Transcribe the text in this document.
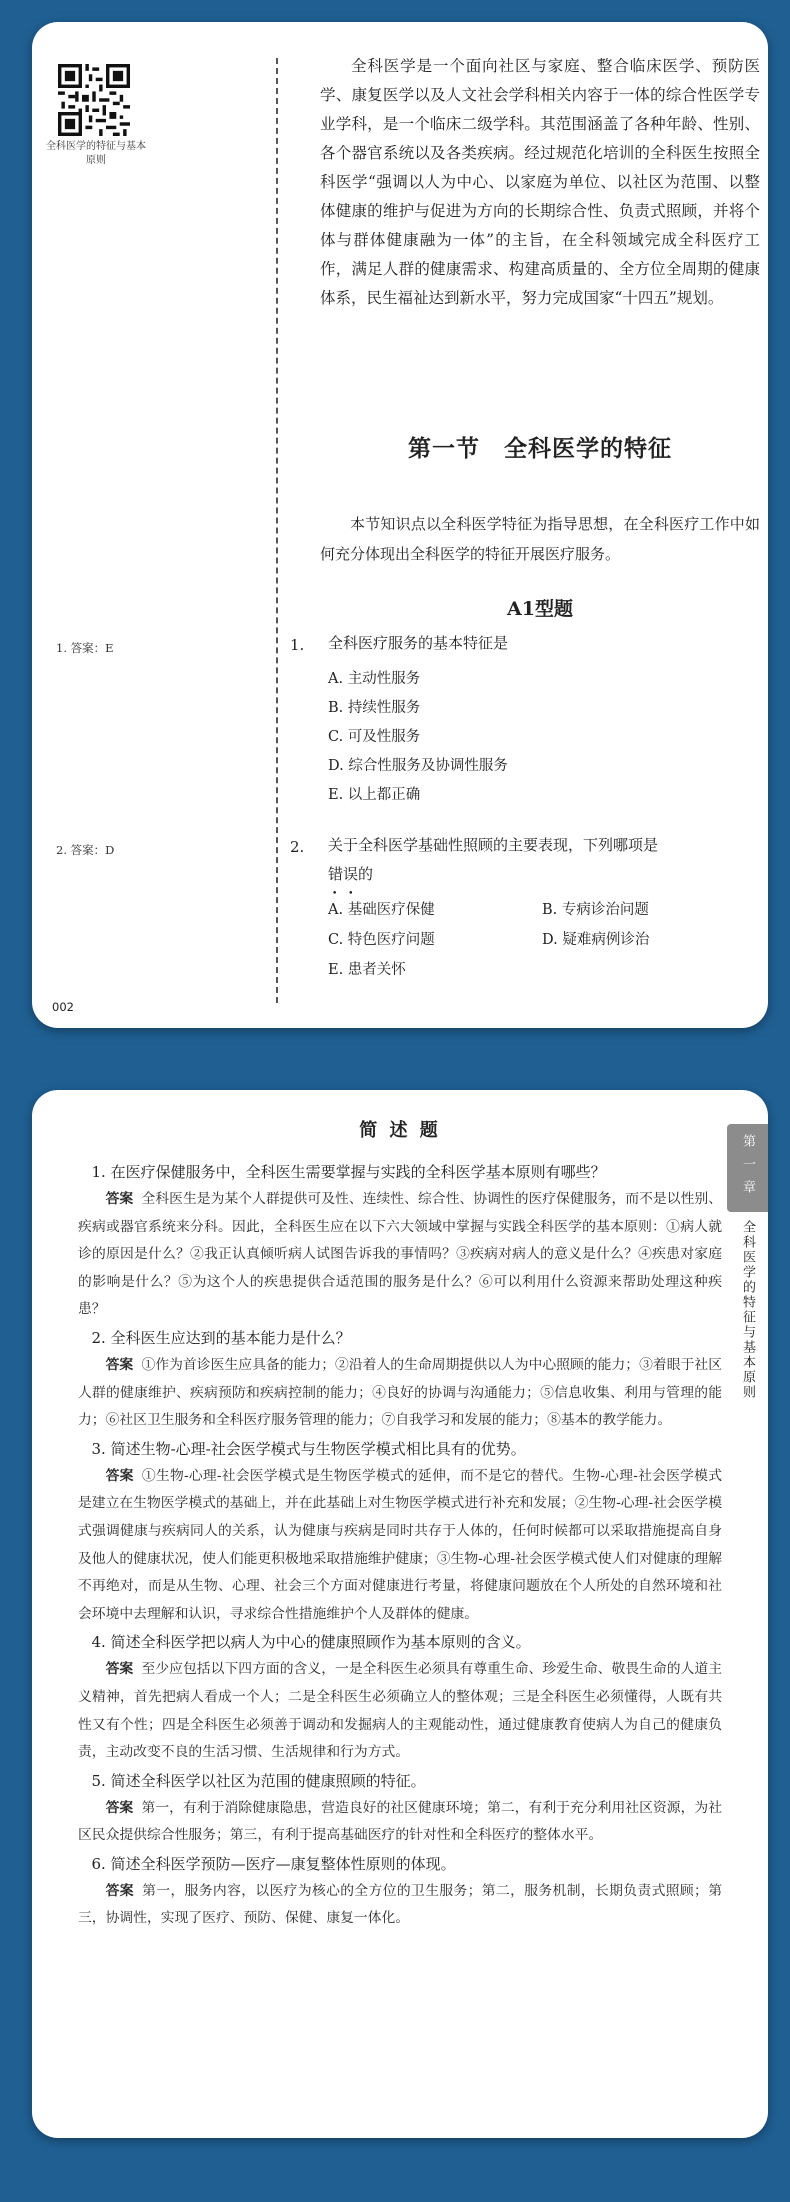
全科医学的特征与基本原则

全科医学是一个面向社区与家庭、整合临床医学、预防医学、康复医学以及人文社会学科相关内容于一体的综合性医学专业学科，是一个临床二级学科。其范围涵盖了各种年龄、性别、各个器官系统以及各类疾病。经过规范化培训的全科医生按照全科医学“强调以人为中心、以家庭为单位、以社区为范围、以整体健康的维护与促进为方向的长期综合性、负责式照顾，并将个体与群体健康融为一体”的主旨，在全科领域完成全科医疗工作，满足人群的健康需求、构建高质量的、全方位全周期的健康体系，民生福祉达到新水平，努力完成国家“十四五”规划。

第一节　全科医学的特征

本节知识点以全科医学特征为指导思想，在全科医疗工作中如何充分体现出全科医学的特征开展医疗服务。

A1型题
1. 答案：E	1. 全科医疗服务的基本特征是

A. 主动性服务
B. 持续性服务
C. 可及性服务
D. 综合性服务及协调性服务
E. 以上都正确
2. 答案：D	2. 关于全科医学基础性照顾的主要表现，下列哪项是
错误 • •的

A. 基础医疗保健	B. 专病诊治问题
C. 特色医疗问题	D. 疑难病例诊治
E. 患者关怀
002
简 述 题
第一章
全科医学的特征与基本原则

1. 在医疗保健服务中，全科医生需要掌握与实践的全科医学基本原则有哪些？

答案 全科医生是为某个人群提供可及性、连续性、综合性、协调性的医疗保健服务，而不是以性别、疾病或器官系统来分科。因此，全科医生应在以下六大领域中掌握与实践全科医学的基本原则：①病人就诊的原因是什么？②我正认真倾听病人试图告诉我的事情吗？③疾病对病人的意义是什么？④疾患对家庭的影响是什么？⑤为这个人的疾患提供合适范围的服务是什么？⑥可以利用什么资源来帮助处理这种疾患？

2. 全科医生应达到的基本能力是什么？

答案 ①作为首诊医生应具备的能力；②沿着人的生命周期提供以人为中心照顾的能力；③着眼于社区人群的健康维护、疾病预防和疾病控制的能力；④良好的协调与沟通能力；⑤信息收集、利用与管理的能力；⑥社区卫生服务和全科医疗服务管理的能力；⑦自我学习和发展的能力；⑧基本的教学能力。

3. 简述生物-心理-社会医学模式与生物医学模式相比具有的优势。

答案 ①生物-心理-社会医学模式是生物医学模式的延伸，而不是它的替代。生物-心理-社会医学模式是建立在生物医学模式的基础上，并在此基础上对生物医学模式进行补充和发展；②生物-心理-社会医学模式强调健康与疾病同人的关系，认为健康与疾病是同时共存于人体的，任何时候都可以采取措施提高自身及他人的健康状况，使人们能更积极地采取措施维护健康；③生物-心理-社会医学模式使人们对健康的理解不再绝对，而是从生物、心理、社会三个方面对健康进行考量，将健康问题放在个人所处的自然环境和社会环境中去理解和认识，寻求综合性措施维护个人及群体的健康。

4. 简述全科医学把以病人为中心的健康照顾作为基本原则的含义。

答案 至少应包括以下四方面的含义，一是全科医生必须具有尊重生命、珍爱生命、敬畏生命的人道主义精神，首先把病人看成一个人；二是全科医生必须确立人的整体观；三是全科医生必须懂得，人既有共性又有个性；四是全科医生必须善于调动和发掘病人的主观能动性，通过健康教育使病人为自己的健康负责，主动改变不良的生活习惯、生活规律和行为方式。

5. 简述全科医学以社区为范围的健康照顾的特征。

答案 第一，有利于消除健康隐患，营造良好的社区健康环境；第二，有利于充分利用社区资源，为社区民众提供综合性服务；第三，有利于提高基础医疗的针对性和全科医疗的整体水平。

6. 简述全科医学预防—医疗—康复整体性原则的体现。

答案 第一，服务内容，以医疗为核心的全方位的卫生服务；第二，服务机制，长期负责式照顾；第三，协调性，实现了医疗、预防、保健、康复一体化。
